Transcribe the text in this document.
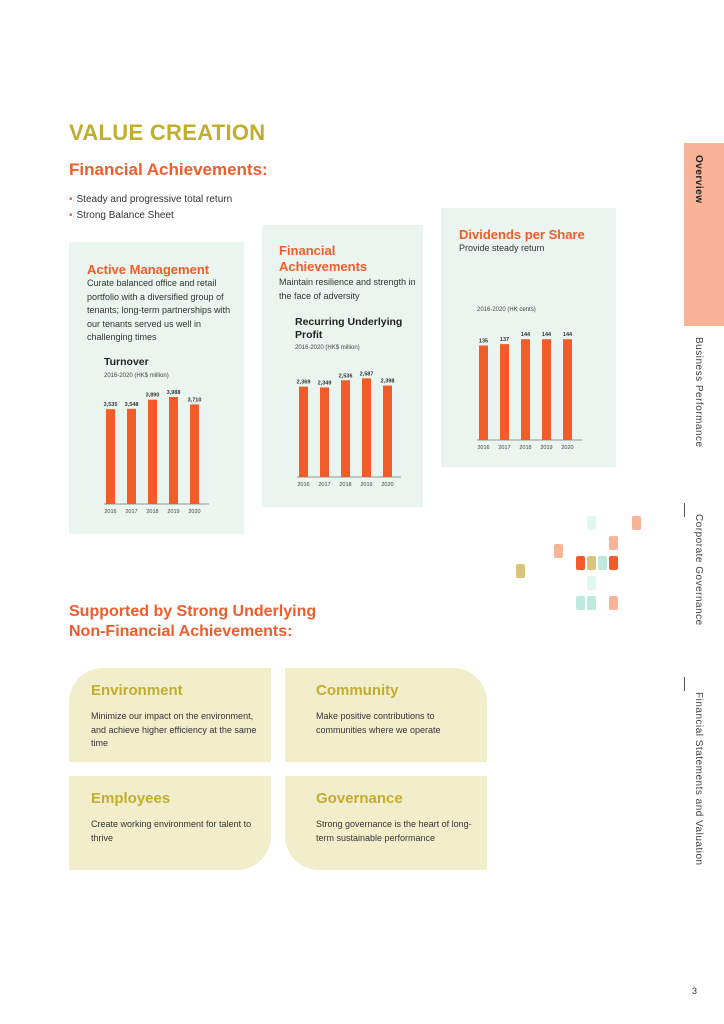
VALUE CREATION
Financial Achievements:
• Steady and progressive total return
• Strong Balance Sheet
Active Management
Curate balanced office and retail portfolio with a diversified group of tenants; long-term partnerships with our tenants served us well in challenging times
Turnover
2016-2020 (HK$ million)
3,535
2016
3,548
2017
3,890
2018
3,988
2019
3,710
2020
Financial Achievements
Maintain resilience and strength in the face of adversity
Recurring Underlying Profit
2016-2020 (HK$ million)
2,369
2016
2,349
2017
2,536
2018
2,587
2019
2,398
2020
Dividends per Share
Provide steady return
2016-2020 (HK cents)
135
2016
137
2017
144
2018
144
2019
144
2020
Overview
Business Performance
Corporate Governance
Financial Statements and Valuation
Supported by Strong Underlying
Non-Financial Achievements:
Environment
Minimize our impact on the environment, and achieve higher efficiency at the same time
Community
Make positive contributions to communities where we operate
Employees
Create working environment for talent to thrive
Governance
Strong governance is the heart of long-term sustainable performance
3
